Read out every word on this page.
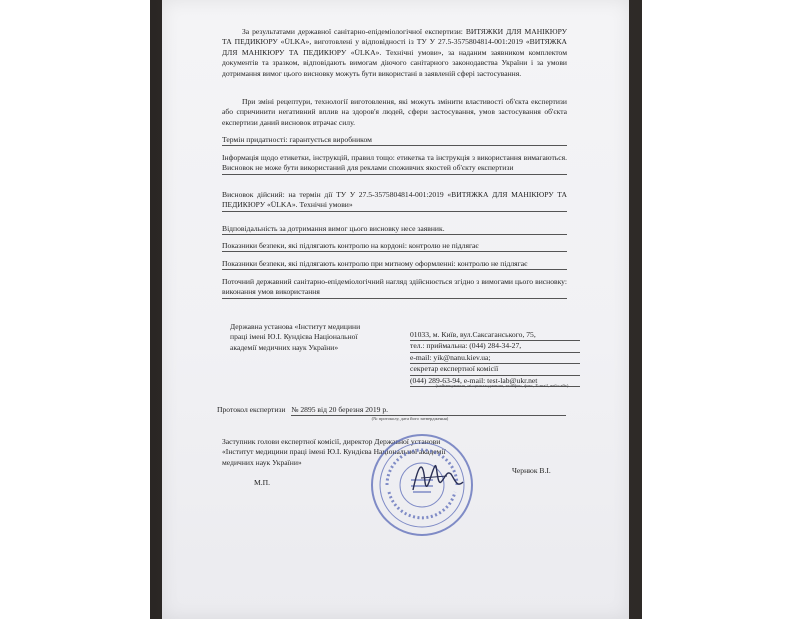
За результатами державної санітарно-епідеміологічної експертизи: ВИТЯЖКИ ДЛЯ МАНІКЮРУ ТА ПЕДИКЮРУ «ÜLKA», виготовлені у відповідності із ТУ У 27.5-3575804814-001:2019 «ВИТЯЖКА ДЛЯ МАНІКЮРУ ТА ПЕДИКЮРУ «ÜLKA». Технічні умови», за наданим заявником комплектом документів та зразком, відповідають вимогам діючого санітарного законодавства України і за умови дотримання вимог цього висновку можуть бути використані в заявленій сфері застосування.
При зміні рецептури, технології виготовлення, які можуть змінити властивості об'єкта експертизи або спричинити негативний вплив на здоров'я людей, сфери застосування, умов застосування об'єкта експертизи даний висновок втрачає силу.
Термін придатності: гарантується виробником
Інформація щодо етикетки, інструкцій, правил тощо: етикетка та інструкція з використання вимагаються. Висновок не може бути використаний для реклами споживчих якостей об'єкту експертизи
Висновок дійсний: на термін дії ТУ У 27.5-3575804814-001:2019 «ВИТЯЖКА ДЛЯ МАНІКЮРУ ТА ПЕДИКЮРУ «ÜLKA». Технічні умови»
Відповідальність за дотримання вимог цього висновку несе заявник.
Показники безпеки, які підлягають контролю на кордоні: контролю не підлягає
Показники безпеки, які підлягають контролю при митному оформленні: контролю не підлягає
Поточний державний санітарно-епідеміологічний нагляд здійснюється згідно з вимогами цього висновку: виконання умов використання
Державна установа «Інститут медицини праці імені Ю.І. Кундієва Національної академії медичних наук України»
01033, м. Київ, вул.Саксаганського, 75,
тел.: приймальна: (044) 284-34-27,
e-mail: yik@nanu.kiev.ua;
секретар експертної комісії
(044) 289-63-94, e-mail: test-lab@ukr.net
(найменування, місцезнаходження, телефон, факс, E-mail, веб-сайт)
Протокол експертизи № 2895 від 20 березня 2019 р.
(№ протоколу, дата його затвердження)
Заступник голови експертної комісії, директор Державної установи «Інститут медицини праці імені Ю.І. Кундієва Національної академії медичних наук України»
М.П.
Чернюк В.І.
